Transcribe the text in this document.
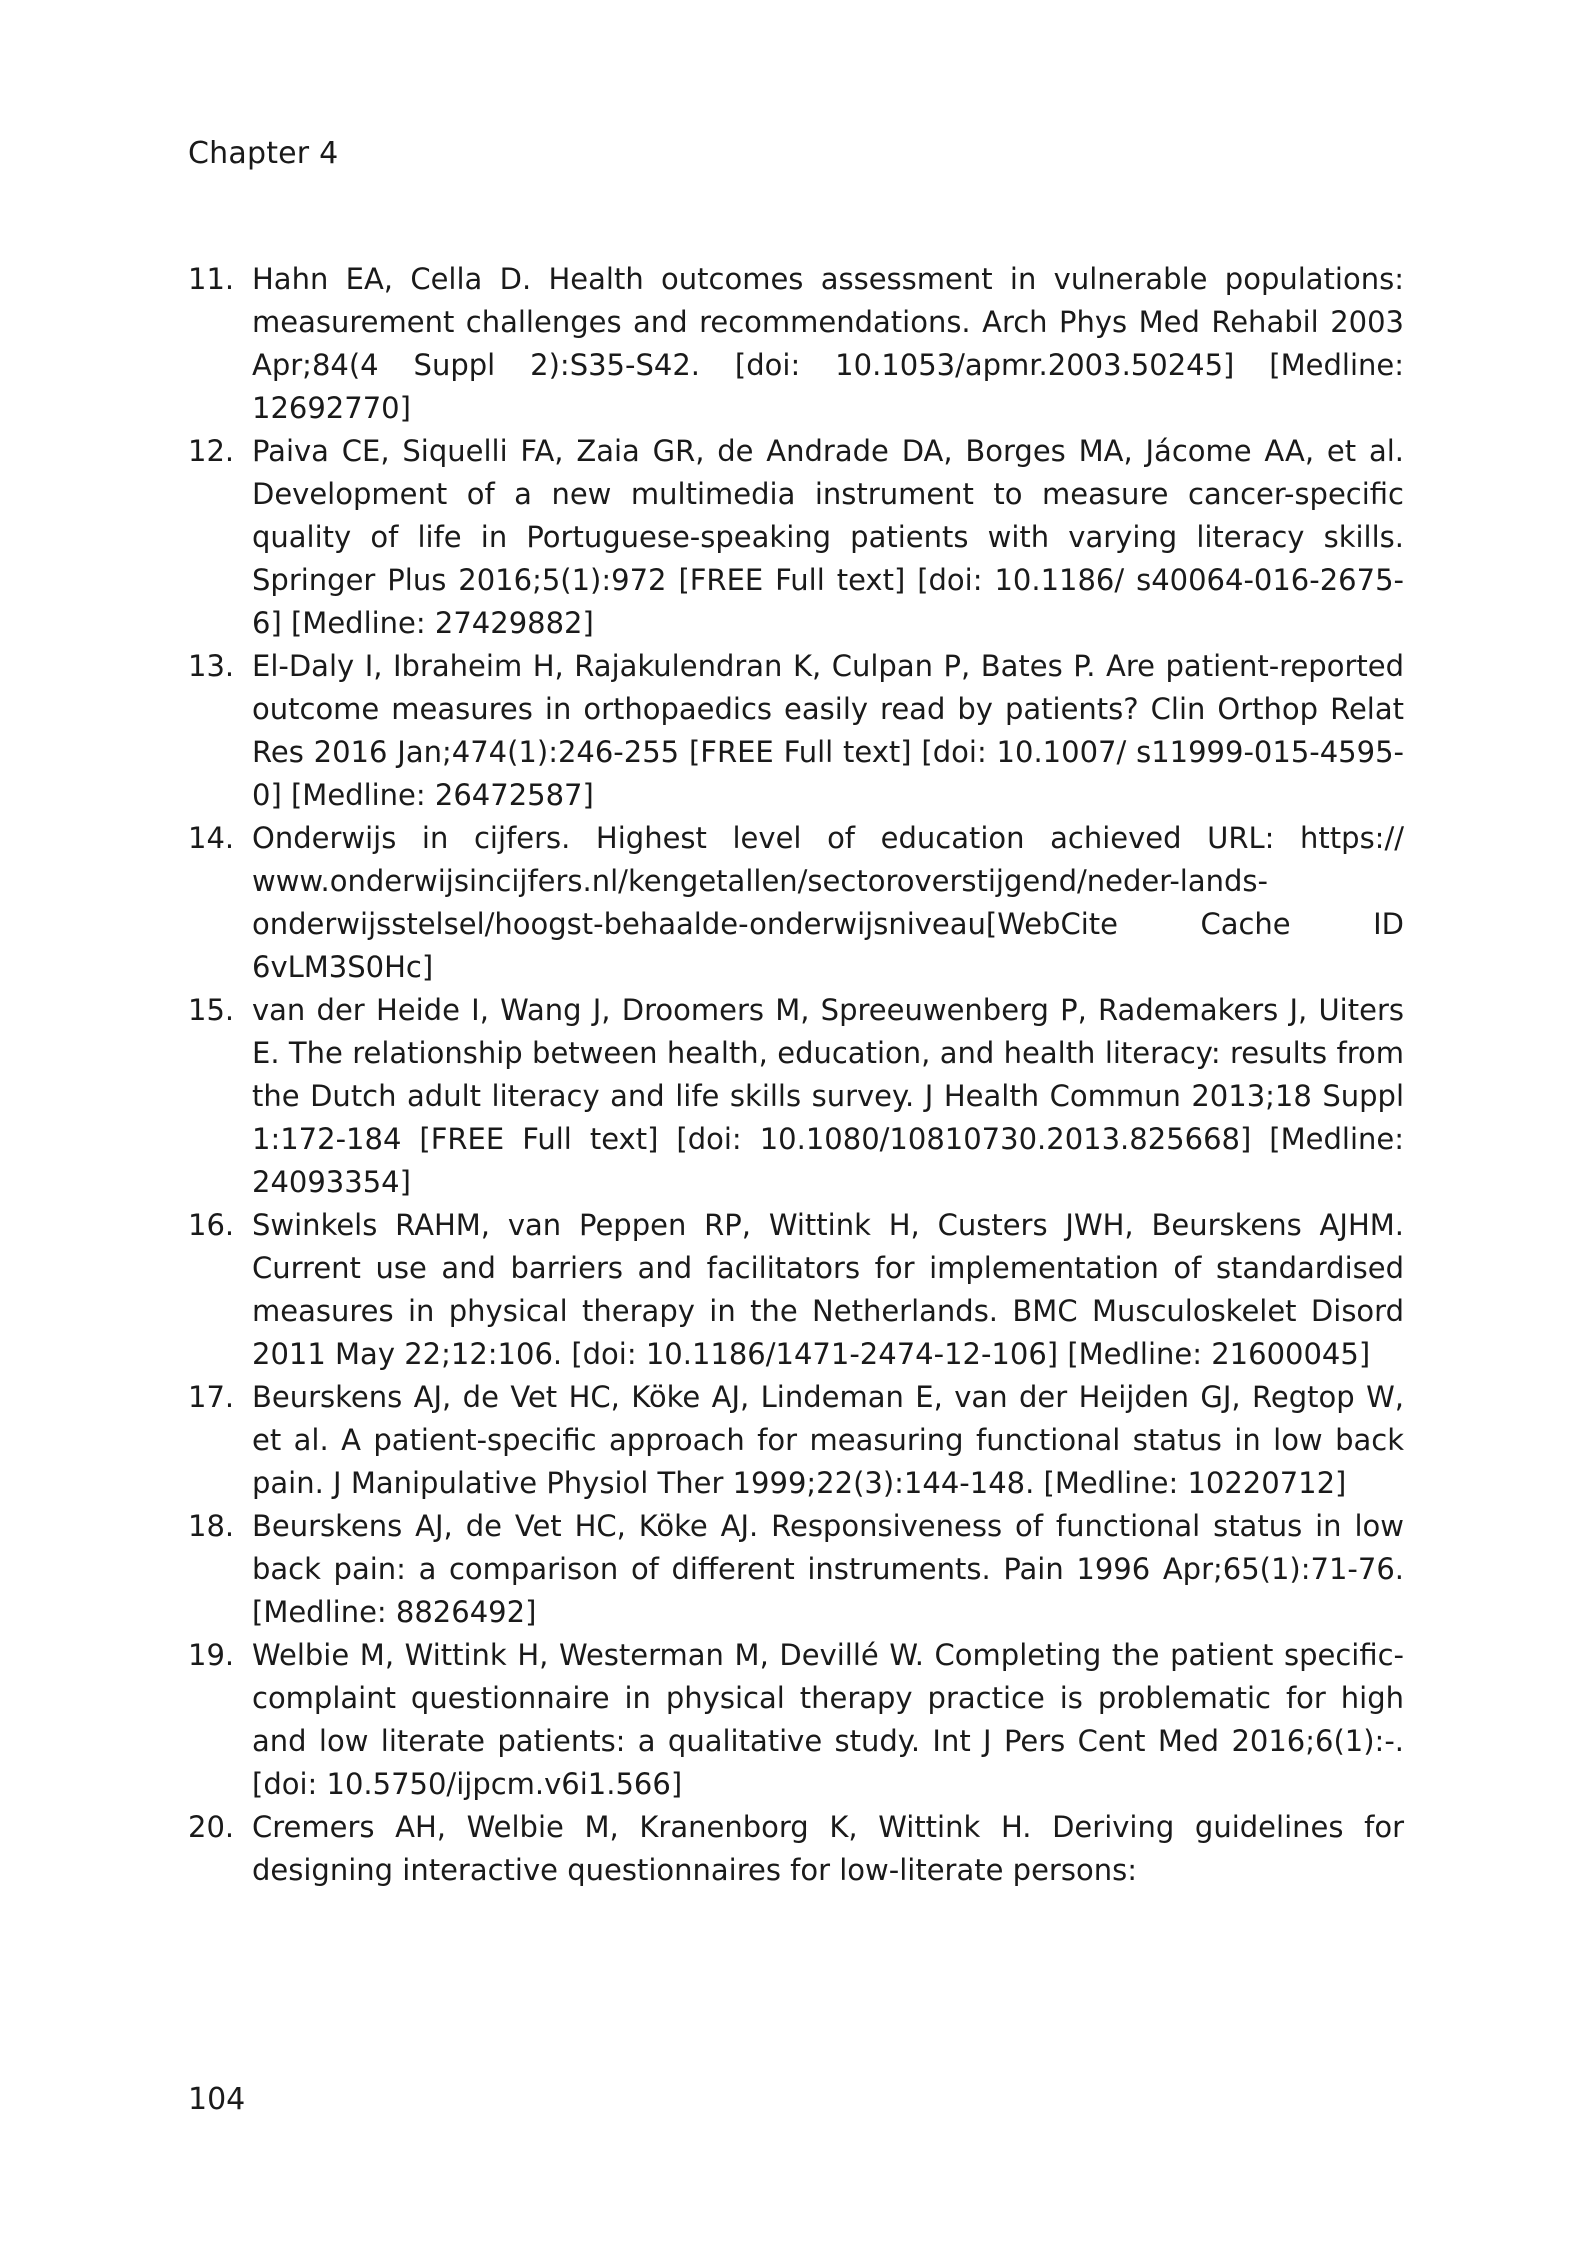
Chapter 4
11. Hahn EA, Cella D. Health outcomes assessment in vulnerable populations: measurement challenges and recommendations. Arch Phys Med Rehabil 2003 Apr;84(4 Suppl 2):S35-S42. [doi: 10.1053/apmr.2003.50245] [Medline: 12692770]
12. Paiva CE, Siquelli FA, Zaia GR, de Andrade DA, Borges MA, Jácome AA, et al. Development of a new multimedia instrument to measure cancer-specific quality of life in Portuguese-speaking patients with varying literacy skills. Springer Plus 2016;5(1):972 [FREE Full text] [doi: 10.1186/ s40064-016-2675-6] [Medline: 27429882]
13. El-Daly I, Ibraheim H, Rajakulendran K, Culpan P, Bates P. Are patient-reported outcome measures in orthopaedics easily read by patients? Clin Orthop Relat Res 2016 Jan;474(1):246-255 [FREE Full text] [doi: 10.1007/ s11999-015-4595-0] [Medline: 26472587]
14. Onderwijs in cijfers. Highest level of education achieved URL: https:// www.onderwijsincijfers.nl/kengetallen/sectoroverstijgend/neder-lands-onderwijsstelsel/hoogst-behaalde-onderwijsniveau[WebCite Cache ID 6vLM3S0Hc]
15. van der Heide I, Wang J, Droomers M, Spreeuwenberg P, Rademakers J, Uiters E. The relationship between health, education, and health literacy: results from the Dutch adult literacy and life skills survey. J Health Commun 2013;18 Suppl 1:172-184 [FREE Full text] [doi: 10.1080/10810730.2013.825668] [Medline: 24093354]
16. Swinkels RAHM, van Peppen RP, Wittink H, Custers JWH, Beurskens AJHM. Current use and barriers and facilitators for implementation of standardised measures in physical therapy in the Netherlands. BMC Musculoskelet Disord 2011 May 22;12:106. [doi: 10.1186/1471-2474-12-106] [Medline: 21600045]
17. Beurskens AJ, de Vet HC, Köke AJ, Lindeman E, van der Heijden GJ, Regtop W, et al. A patient-specific approach for measuring functional status in low back pain. J Manipulative Physiol Ther 1999;22(3):144-148. [Medline: 10220712]
18. Beurskens AJ, de Vet HC, Köke AJ. Responsiveness of functional status in low back pain: a comparison of different instruments. Pain 1996 Apr;65(1):71-76. [Medline: 8826492]
19. Welbie M, Wittink H, Westerman M, Devillé W. Completing the patient specific-complaint questionnaire in physical therapy practice is problematic for high and low literate patients: a qualitative study. Int J Pers Cent Med 2016;6(1):-. [doi: 10.5750/ijpcm.v6i1.566]
20. Cremers AH, Welbie M, Kranenborg K, Wittink H. Deriving guidelines for designing interactive questionnaires for low-literate persons:
104
